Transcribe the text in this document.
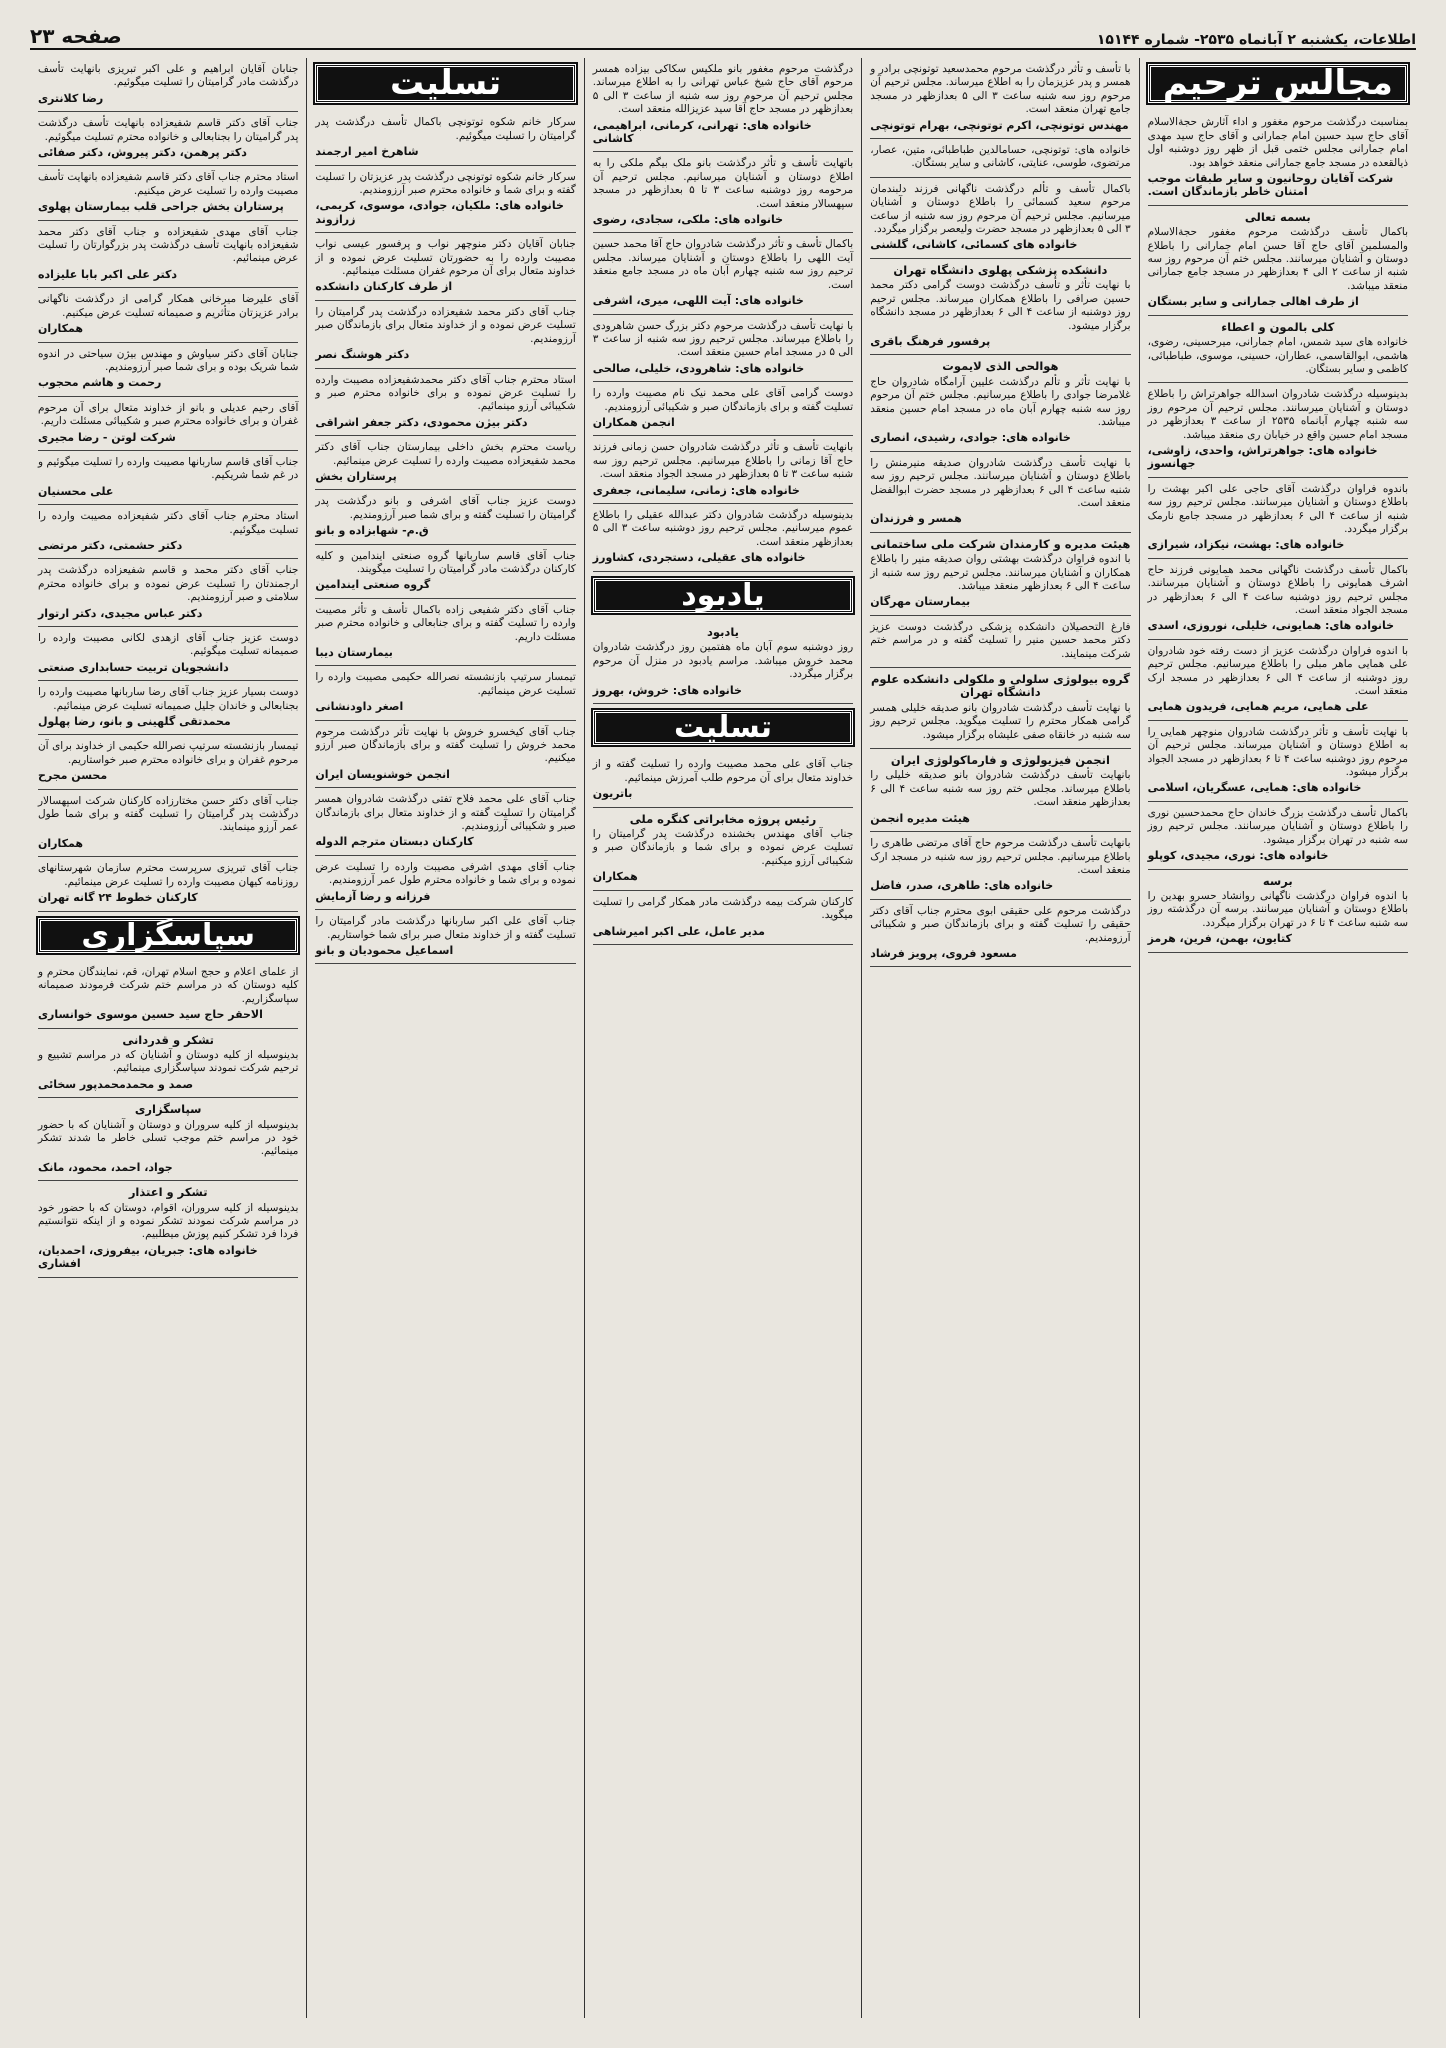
اطلاعات، یکشنبه ۲ آبانماه ۲۵۳۵- شماره ۱۵۱۴۴
صفحه ۲۳
مجالس ترحیم
بمناسبت درگذشت مرحوم مغفور و اداء آثارش حجةالاسلام آقای حاج سید حسین امام جمارانی و آقای حاج سید مهدی امام جمارانی مجلس ختمی قبل از ظهر روز دوشنبه اول ذیالقعده در مسجد جامع جمارانی منعقد خواهد بود.
شرکت آقایان روحانیون و سایر طبقات موجب امتنان خاطر بازماندگان است.
بسمه تعالی
باکمال تأسف درگذشت مرحوم مغفور حجةالاسلام والمسلمین آقای حاج آقا حسن امام جمارانی را باطلاع دوستان و آشنایان میرسانند. مجلس ختم آن مرحوم روز سه شنبه از ساعت ۲ الی ۴ بعدازظهر در مسجد جامع جمارانی منعقد میباشد.
از طرف اهالی جمارانی و سایر بستگان
کلی بالمون و اعطاء
خانواده های سید شمس، امام جمارانی، میرحسینی، رضوی، هاشمی، ابوالقاسمی، عطاران، حسینی، موسوی، طباطبائی، کاظمی و سایر بستگان.
بدینوسیله درگذشت شادروان اسدالله جواهرتراش را باطلاع دوستان و آشنایان میرسانند. مجلس ترحیم آن مرحوم روز سه شنبه چهارم آبانماه ۲۵۳۵ از ساعت ۳ بعدازظهر در مسجد امام حسین واقع در خیابان ری منعقد میباشد.
خانواده های: جواهرتراش، واحدی، زاوشی، جهانسوز
باندوه فراوان درگذشت آقای حاجی علی اکبر بهشت را باطلاع دوستان و آشنایان میرسانند. مجلس ترحیم روز سه شنبه از ساعت ۴ الی ۶ بعدازظهر در مسجد جامع نارمک برگزار میگردد.
خانواده های: بهشت، نیکزاد، شیرازی
باکمال تأسف درگذشت ناگهانی محمد همایونی فرزند حاج اشرف همایونی را باطلاع دوستان و آشنایان میرسانند. مجلس ترحیم روز دوشنبه ساعت ۴ الی ۶ بعدازظهر در مسجد الجواد منعقد است.
خانواده های: همایونی، خلیلی، نوروزی، اسدی
با اندوه فراوان درگذشت عزیز از دست رفته خود شادروان علی همایی ماهر مبلی را باطلاع میرسانیم. مجلس ترحیم روز دوشنبه از ساعت ۴ الی ۶ بعدازظهر در مسجد ارک منعقد است.
علی همایی، مریم همایی، فریدون همایی
با نهایت تأسف و تأثر درگذشت شادروان منوچهر همایی را به اطلاع دوستان و آشنایان میرساند. مجلس ترحیم آن مرحوم روز دوشنبه ساعت ۴ تا ۶ بعدازظهر در مسجد الجواد برگزار میشود.
خانواده های: همایی، عسگریان، اسلامی
باکمال تأسف درگذشت بزرگ خاندان حاج محمدحسین نوری را باطلاع دوستان و آشنایان میرسانند. مجلس ترحیم روز سه شنبه در تهران برگزار میشود.
خانواده های: نوری، مجیدی، کوپلو
برسه
با اندوه فراوان درگذشت ناگهانی روانشاد حسرو بهدین را باطلاع دوستان و آشنایان میرسانند. برسه آن درگذشته روز سه شنبه ساعت ۴ تا ۶ در تهران برگزار میگردد.
کتایون، بهمن، فرین، هرمز
با تأسف و تأثر درگذشت مرحوم محمدسعید توتونچی برادر و همسر و پدر عزیزمان را به اطلاع میرساند. مجلس ترحیم آن مرحوم روز سه شنبه ساعت ۳ الی ۵ بعدازظهر در مسجد جامع تهران منعقد است.
مهندس توتونچی، اکرم توتونچی، بهرام توتونچی
خانواده های: توتونچی، حسامالدین طباطبائی، متین، عصار، مرتضوی، طوسی، عنایتی، کاشانی و سایر بستگان.
باکمال تأسف و تألم درگذشت ناگهانی فرزند دلبندمان مرحوم سعید کسمائی را باطلاع دوستان و آشنایان میرسانیم. مجلس ترحیم آن مرحوم روز سه شنبه از ساعت ۳ الی ۵ بعدازظهر در مسجد حضرت ولیعصر برگزار میگردد.
خانواده های کسمائی، کاشانی، گلشنی
دانشکده پزشکی پهلوی دانشگاه تهران
با نهایت تأثر و تأسف درگذشت دوست گرامی دکتر محمد حسین صرافی را باطلاع همکاران میرساند. مجلس ترحیم روز دوشنبه از ساعت ۴ الی ۶ بعدازظهر در مسجد دانشگاه برگزار میشود.
پرفسور فرهنگ باقری
هوالحی الذی لایموت
با نهایت تأثر و تألم درگذشت عليين آرامگاه شادروان حاج غلامرضا جوادی را باطلاع میرسانیم. مجلس ختم آن مرحوم روز سه شنبه چهارم آبان ماه در مسجد امام حسین منعقد میباشد.
خانواده های: جوادی، رشیدی، انصاری
با نهایت تأسف درگذشت شادروان صدیقه منیرمنش را باطلاع دوستان و آشنایان میرسانند. مجلس ترحیم روز سه شنبه ساعت ۴ الی ۶ بعدازظهر در مسجد حضرت ابوالفضل منعقد است.
همسر و فرزندان
هیئت مدیره و کارمندان شرکت ملی ساختمانی
با اندوه فراوان درگذشت بهشتی روان صدیقه منیر را باطلاع همکاران و آشنایان میرسانند. مجلس ترحیم روز سه شنبه از ساعت ۴ الی ۶ بعدازظهر منعقد میباشد.
بیمارستان مهرگان
فارغ التحصیلان دانشکده پزشکی درگذشت دوست عزیز دکتر محمد حسین منیر را تسلیت گفته و در مراسم ختم شرکت مینمایند.
گروه بیولوژی سلولی و ملکولی دانشکده علوم دانشگاه تهران
با نهایت تأسف درگذشت شادروان بانو صدیقه خلیلی همسر گرامی همکار محترم را تسلیت میگوید. مجلس ترحیم روز سه شنبه در خانقاه صفی علیشاه برگزار میشود.
انجمن فیزیولوژی و فارماکولوژی ایران
بانهایت تأسف درگذشت شادروان بانو صدیقه خلیلی را باطلاع میرساند. مجلس ختم روز سه شنبه ساعت ۴ الی ۶ بعدازظهر منعقد است.
هیئت مدیره انجمن
بانهایت تأسف درگذشت مرحوم حاج آقای مرتضی طاهری را باطلاع میرسانیم. مجلس ترحیم روز سه شنبه در مسجد ارک منعقد است.
خانواده های: طاهری، صدر، فاضل
درگذشت مرحوم علی حقیقی ابوی محترم جناب آقای دکتر حقیقی را تسلیت گفته و برای بازماندگان صبر و شکیبائی آرزومندیم.
مسعود فروی، پرویز فرشاد
درگذشت مرحوم مغفور بانو ملکیس سکاکی بیزاده همسر مرحوم آقای حاج شیخ عباس تهرانی را به اطلاع میرساند. مجلس ترحیم آن مرحوم روز سه شنبه از ساعت ۳ الی ۵ بعدازظهر در مسجد حاج آقا سید عزیزالله منعقد است.
خانواده های: تهرانی، کرمانی، ابراهیمی، کاشانی
باتهایت تأسف و تأثر درگذشت بانو ملک بیگم ملکی را به اطلاع دوستان و آشنایان میرسانیم. مجلس ترحیم آن مرحومه روز دوشنبه ساعت ۳ تا ۵ بعدازظهر در مسجد سپهسالار منعقد است.
خانواده های: ملکی، سجادی، رضوی
باکمال تأسف و تأثر درگذشت شادروان حاج آقا محمد حسین آیت اللهی را باطلاع دوستان و آشنایان میرساند. مجلس ترحیم روز سه شنبه چهارم آبان ماه در مسجد جامع منعقد است.
خانواده های: آیت اللهی، میری، اشرفی
با نهایت تأسف درگذشت مرحوم دکتر بزرگ حسن شاهرودی را باطلاع میرساند. مجلس ترحیم روز سه شنبه از ساعت ۳ الی ۵ در مسجد امام حسین منعقد است.
خانواده های: شاهرودی، خلیلی، صالحی
دوست گرامی آقای علی محمد نیک نام مصیبت وارده را تسلیت گفته و برای بازماندگان صبر و شکیبائی آرزومندیم.
انجمن همکاران
بانهایت تأسف و تأثر درگذشت شادروان حسن زمانی فرزند حاج آقا زمانی را باطلاع میرسانیم. مجلس ترحیم روز سه شنبه ساعت ۳ تا ۵ بعدازظهر در مسجد الجواد منعقد است.
خانواده های: زمانی، سلیمانی، جعفری
بدینوسیله درگذشت شادروان دکتر عبدالله عقیلی را باطلاع عموم میرسانیم. مجلس ترحیم روز دوشنبه ساعت ۳ الی ۵ بعدازظهر منعقد است.
خانواده های عقیلی، دستجردی، کشاورز
یادبود
یادبود
روز دوشنبه سوم آبان ماه هفتمین روز درگذشت شادروان محمد خروش میباشد. مراسم یادبود در منزل آن مرحوم برگزار میگردد.
خانواده های: خروش، بهروز
تسلیت
جناب آقای علی محمد مصیبت وارده را تسلیت گفته و از خداوند متعال برای آن مرحوم طلب آمرزش مینمائیم.
باتریون
رئیس پروژه مخابراتی کنگره ملی
جناب آقای مهندس بخشنده درگذشت پدر گرامیتان را تسلیت عرض نموده و برای شما و بازماندگان صبر و شکیبائی آرزو میکنیم.
همکاران
کارکنان شرکت بیمه درگذشت مادر همکار گرامی را تسلیت میگوید.
مدیر عامل، علی اکبر امیرشاهی
تسلیت
سرکار خانم شکوه توتونچی باکمال تأسف درگذشت پدر گرامیتان را تسلیت میگوئیم.
شاهرخ امیر ارجمند
سرکار خانم شکوه توتونچی درگذشت پدر عزیزتان را تسلیت گفته و برای شما و خانواده محترم صبر آرزومندیم.
خانواده های: ملکیان، جوادی، موسوی، کریمی، زرازوند
جنابان آقایان دکتر منوچهر نواب و پرفسور عیسی نواب مصیبت وارده را به حضورتان تسلیت عرض نموده و از خداوند متعال برای آن مرحوم غفران مسئلت مینمائیم.
از طرف کارکنان دانشکده
جناب آقای دکتر محمد شفیعزاده درگذشت پدر گرامیتان را تسلیت عرض نموده و از خداوند متعال برای بازماندگان صبر آرزومندیم.
دکتر هوشنگ نصر
استاد محترم جناب آقای دکتر محمدشفیعزاده مصیبت وارده را تسلیت عرض نموده و برای خانواده محترم صبر و شکیبائی آرزو مینمائیم.
دکتر بیژن محمودی، دکتر جعفر اشراقی
ریاست محترم بخش داخلی بیمارستان جناب آقای دکتر محمد شفیعزاده مصیبت وارده را تسلیت عرض مینمائیم.
پرستاران بخش
دوست عزیز جناب آقای اشرفی و بانو درگذشت پدر گرامیتان را تسلیت گفته و برای شما صبر آرزومندیم.
ق.م- شهابزاده و بانو
جناب آقای قاسم ساربانها گروه صنعتی ایندامین و کلیه کارکنان درگذشت مادر گرامیتان را تسلیت میگویند.
گروه صنعتی ایندامین
جناب آقای دکتر شفیعی زاده باکمال تأسف و تأثر مصیبت وارده را تسلیت گفته و برای جنابعالی و خانواده محترم صبر مسئلت داریم.
بیمارستان دیبا
تیمسار سرتیپ بازنشسته نصرالله حکیمی مصیبت وارده را تسلیت عرض مینمائیم.
اصغر داودنشانی
جناب آقای کیخسرو خروش با نهایت تأثر درگذشت مرحوم محمد خروش را تسلیت گفته و برای بازماندگان صبر آرزو میکنیم.
انجمن خوشنویسان ایران
جناب آقای علی محمد فلاح تفتی درگذشت شادروان همسر گرامیتان را تسلیت گفته و از خداوند متعال برای بازماندگان صبر و شکیبائی آرزومندیم.
کارکنان دبستان مترجم الدوله
جناب آقای مهدی اشرفی مصیبت وارده را تسلیت عرض نموده و برای شما و خانواده محترم طول عمر آرزومندیم.
فرزانه و رضا آزمایش
جناب آقای علی اکبر ساربانها درگذشت مادر گرامیتان را تسلیت گفته و از خداوند متعال صبر برای شما خواستاریم.
اسماعیل محمودیان و بانو
جنابان آقایان ابراهیم و علی اکبر تبریزی بانهایت تأسف درگذشت مادر گرامیتان را تسلیت میگوئیم.
رضا کلانتری
جناب آقای دکتر قاسم شفیعزاده بانهایت تأسف درگذشت پدر گرامیتان را بجنابعالی و خانواده محترم تسلیت میگوئیم.
دکتر پرهمن، دکتر پیروش، دکتر صفائی
استاد محترم جناب آقای دکتر قاسم شفیعزاده بانهایت تأسف مصیبت وارده را تسلیت عرض میکنیم.
پرستاران بخش جراحی قلب بیمارستان پهلوی
جناب آقای مهدی شفیعزاده و جناب آقای دکتر محمد شفیعزاده بانهایت تأسف درگذشت پدر بزرگوارتان را تسلیت عرض مینمائیم.
دکتر علی اکبر بابا علیزاده
آقای علیرضا میرخانی همکار گرامی از درگذشت ناگهانی برادر عزیزتان متأثریم و صمیمانه تسلیت عرض میکنیم.
همکاران
جنابان آقای دکتر سیاوش و مهندس بیژن سیاحتی در اندوه شما شریک بوده و برای شما صبر آرزومندیم.
رحمت و هاشم محجوب
آقای رحیم عدیلی و بانو از خداوند متعال برای آن مرحوم غفران و برای خانواده محترم صبر و شکیبائی مسئلت داریم.
شرکت لوتن - رضا مجیری
جناب آقای قاسم ساربانها مصیبت وارده را تسلیت میگوئیم و در غم شما شریکیم.
علی محسنیان
استاد محترم جناب آقای دکتر شفیعزاده مصیبت وارده را تسلیت میگوئیم.
دکتر حشمتی، دکتر مرتضی
جناب آقای دکتر محمد و قاسم شفیعزاده درگذشت پدر ارجمندتان را تسلیت عرض نموده و برای خانواده محترم سلامتی و صبر آرزومندیم.
دکتر عباس مجیدی، دکتر ارتوار
دوست عزیز جناب آقای ازهدی لکانی مصیبت وارده را صمیمانه تسلیت میگوئیم.
دانشجویان تربیت حسابداری صنعتی
دوست بسیار عزیز جناب آقای رضا ساربانها مصیبت وارده را بجنابعالی و خاندان جلیل صمیمانه تسلیت عرض مینمائیم.
محمدتقی گلهینی و بانو، رضا پهلول
تیمسار بازنشسته سرتیپ نصرالله حکیمی از خداوند برای آن مرحوم غفران و برای خانواده محترم صبر خواستاریم.
محسن مجرح
جناب آقای دکتر حسن مختارزاده کارکنان شرکت اسپهسالار درگذشت پدر گرامیتان را تسلیت گفته و برای شما طول عمر آرزو مینمایند.
همکاران
جناب آقای تبریزی سرپرست محترم سازمان شهرستانهای روزنامه کیهان مصیبت وارده را تسلیت عرض مینمائیم.
کارکنان خطوط ۲۴ گانه تهران
سپاسگزاری
از علمای اعلام و حجج اسلام تهران، قم، نمایندگان محترم و کلیه دوستان که در مراسم ختم شرکت فرمودند صمیمانه سپاسگزاریم.
الاحقر حاج سید حسین موسوی خوانساری
تشکر و قدردانی
بدینوسیله از کلیه دوستان و آشنایان که در مراسم تشییع و ترحیم شرکت نمودند سپاسگزاری مینمائیم.
صمد و محمدمحمدپور سخائی
سپاسگزاری
بدینوسیله از کلیه سروران و دوستان و آشنایان که با حضور خود در مراسم ختم موجب تسلی خاطر ما شدند تشکر مینمائیم.
جواد، احمد، محمود، مانک
تشکر و اعتذار
بدینوسیله از کلیه سروران، اقوام، دوستان که با حضور خود در مراسم شرکت نمودند تشکر نموده و از اینکه نتوانستیم فردا فرد تشکر کنیم پوزش میطلبیم.
خانواده های: جبریان، بیفروزی، احمدیان، افشاری
